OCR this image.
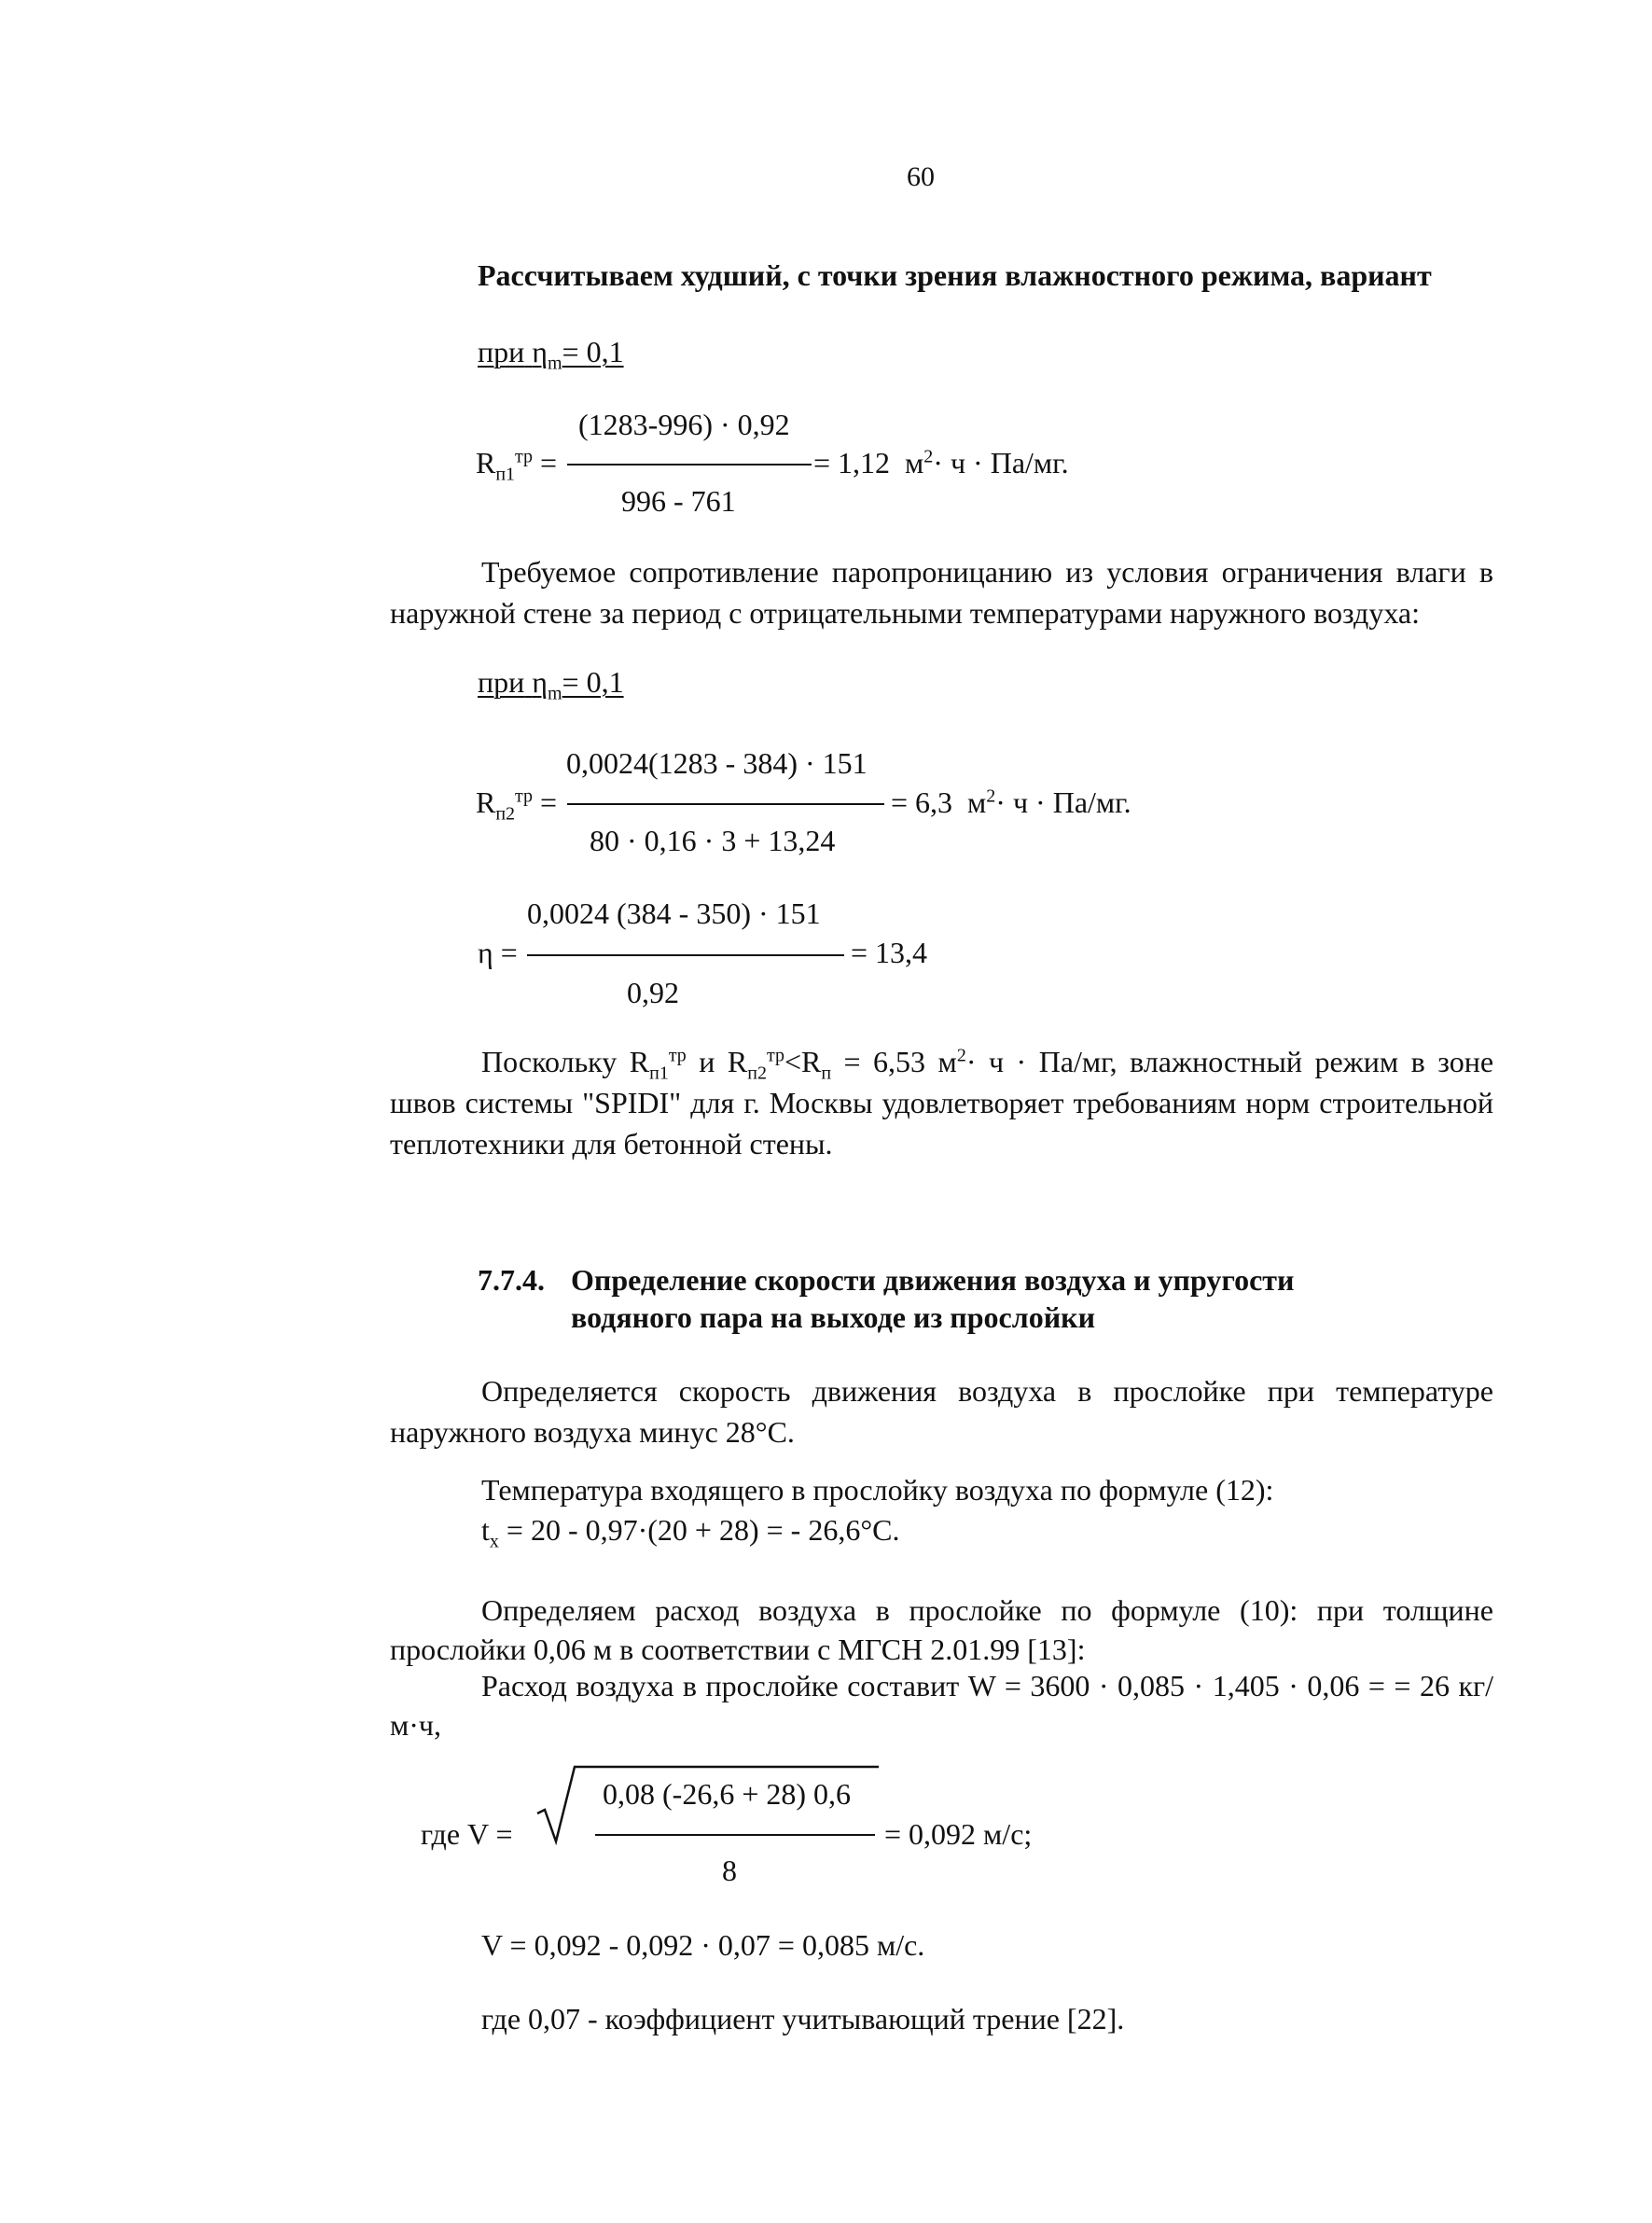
60
Рассчитываем худший, с точки зрения влажностного режима, вариант
при $\eta_m= 0,1$
(1283-996) · 0,92
$R_{п1}^{тр}$ =	= 1,12 $м^2\cdot ч \cdot Па/мг$.
996 - 761
Требуемое сопротивление паропроницанию из условия ограничения влаги в наружной стене за период с отрицательными температурами наружного воздуха:
при $\eta_m= 0,1$
0,0024(1283 - 384) · 151
$R_{п2}^{тр}$ =	= 6,3 $м^2\cdot ч \cdot Па/мг$.
80 · 0,16 · 3 + 13,24
0,0024 (384 - 350) · 151
η =	= 13,4
0,92
Поскольку $R_{п1}^{тр}$ и $R_{п2}^{тр}<R_п = 6,53$ $м^2\cdot ч \cdot Па/мг$, влажностный режим в зоне швов системы "SPIDI" для г. Москвы удовлетворяет требованиям норм строительной теплотехники для бетонной стены.
7.7.4. Определение скорости движения воздуха и упругости
водяного пара на выходе из прослойки
Определяется скорость движения воздуха в прослойке при температуре наружного воздуха минус 28°С.
Температура входящего в прослойку воздуха по формуле (12):
$t_x = 20 - 0,97\cdot(20 + 28)$ = - 26,6°С.
Определяем расход воздуха в прослойке по формуле (10): при толщине прослойки 0,06 м в соответствии с МГСН 2.01.99 [13]:
Расход воздуха в прослойке составит W = 3600 · 0,085 · 1,405 · 0,06 = = 26 кг/м·ч,
где V =
0,08 (-26,6 + 28) 0,6
= 0,092 м/с;
8
V = 0,092 - 0,092 · 0,07 = 0,085 м/с.
где 0,07 - коэффициент учитывающий трение [22].
